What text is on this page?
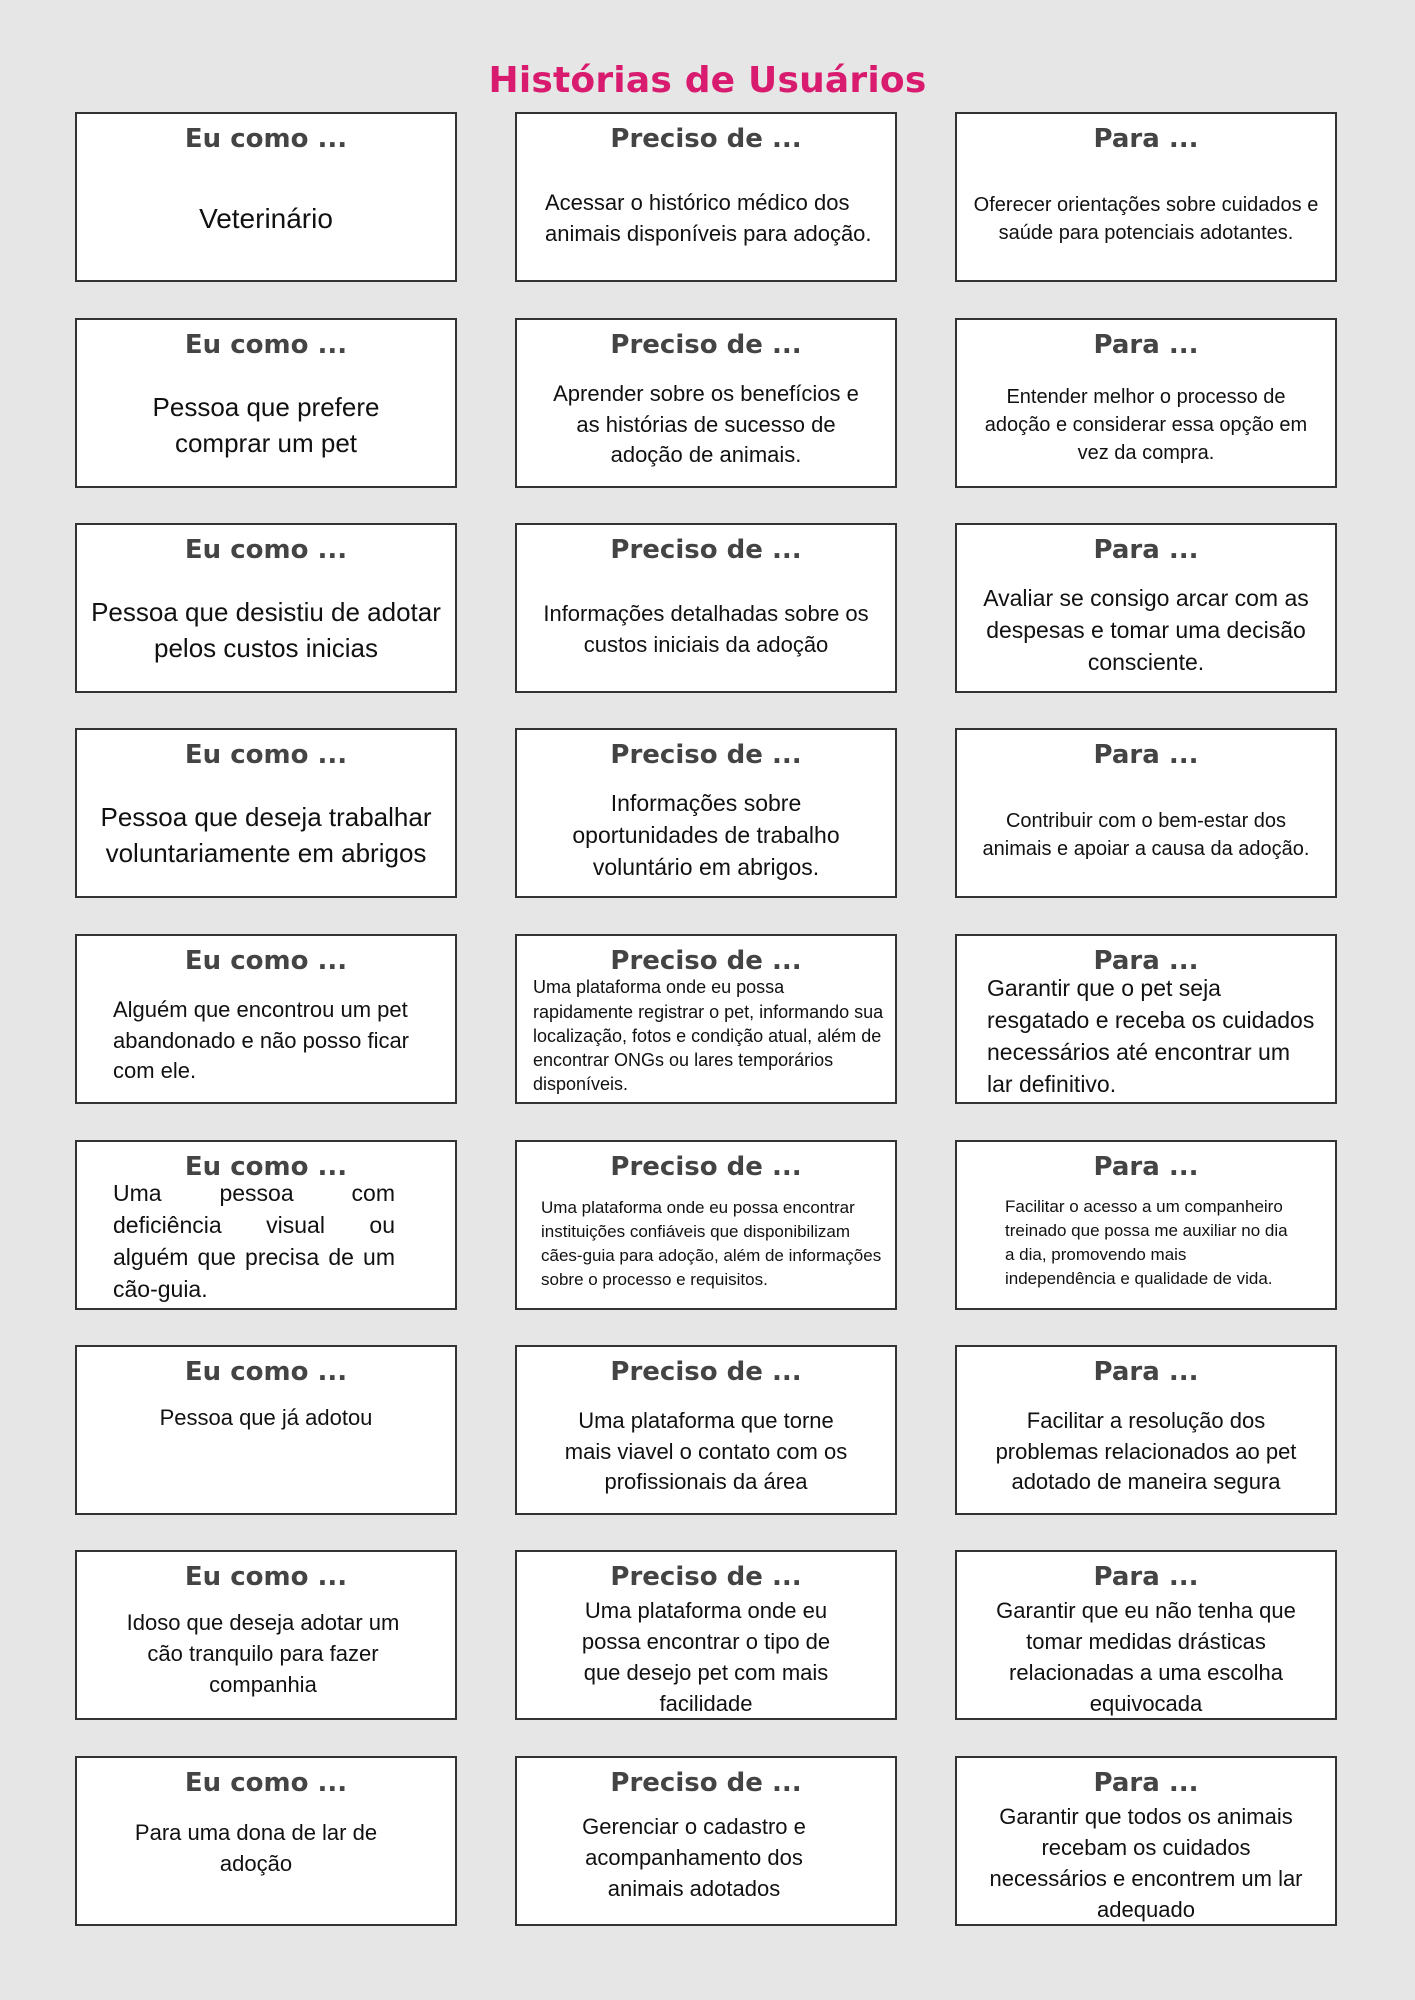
Histórias de Usuários
Eu como ...
Veterinário
Preciso de ...
Acessar o histórico médico dos animais disponíveis para adoção.
Para ...
Oferecer orientações sobre cuidados e saúde para potenciais adotantes.
Eu como ...
Pessoa que prefere comprar um pet
Preciso de ...
Aprender sobre os benefícios e as histórias de sucesso de adoção de animais.
Para ...
Entender melhor o processo de adoção e considerar essa opção em vez da compra.
Eu como ...
Pessoa que desistiu de adotar pelos custos inicias
Preciso de ...
Informações detalhadas sobre os custos iniciais da adoção
Para ...
Avaliar se consigo arcar com as despesas e tomar uma decisão consciente.
Eu como ...
Pessoa que deseja trabalhar voluntariamente em abrigos
Preciso de ...
Informações sobre oportunidades de trabalho voluntário em abrigos.
Para ...
Contribuir com o bem-estar dos animais e apoiar a causa da adoção.
Eu como ...
Alguém que encontrou um pet abandonado e não posso ficar com ele.
Preciso de ...
Uma plataforma onde eu possa rapidamente registrar o pet, informando sua localização, fotos e condição atual, além de encontrar ONGs ou lares temporários disponíveis.
Para ...
Garantir que o pet seja resgatado e receba os cuidados necessários até encontrar um lar definitivo.
Eu como ...
Uma pessoa com deficiência visual ou alguém que precisa de um cão-guia.
Preciso de ...
Uma plataforma onde eu possa encontrar instituições confiáveis que disponibilizam cães-guia para adoção, além de informações sobre o processo e requisitos.
Para ...
Facilitar o acesso a um companheiro treinado que possa me auxiliar no dia a dia, promovendo mais independência e qualidade de vida.
Eu como ...
Pessoa que já adotou
Preciso de ...
Uma plataforma que torne mais viavel o contato com os profissionais da área
Para ...
Facilitar a resolução dos problemas relacionados ao pet adotado de maneira segura
Eu como ...
Idoso que deseja adotar um cão tranquilo para fazer companhia
Preciso de ...
Uma plataforma onde eu possa encontrar o tipo de que desejo pet com mais facilidade
Para ...
Garantir que eu não tenha que tomar medidas drásticas relacionadas a uma escolha equivocada
Eu como ...
Para uma dona de lar de adoção
Preciso de ...
Gerenciar o cadastro e acompanhamento dos animais adotados
Para ...
Garantir que todos os animais recebam os cuidados necessários e encontrem um lar adequado
